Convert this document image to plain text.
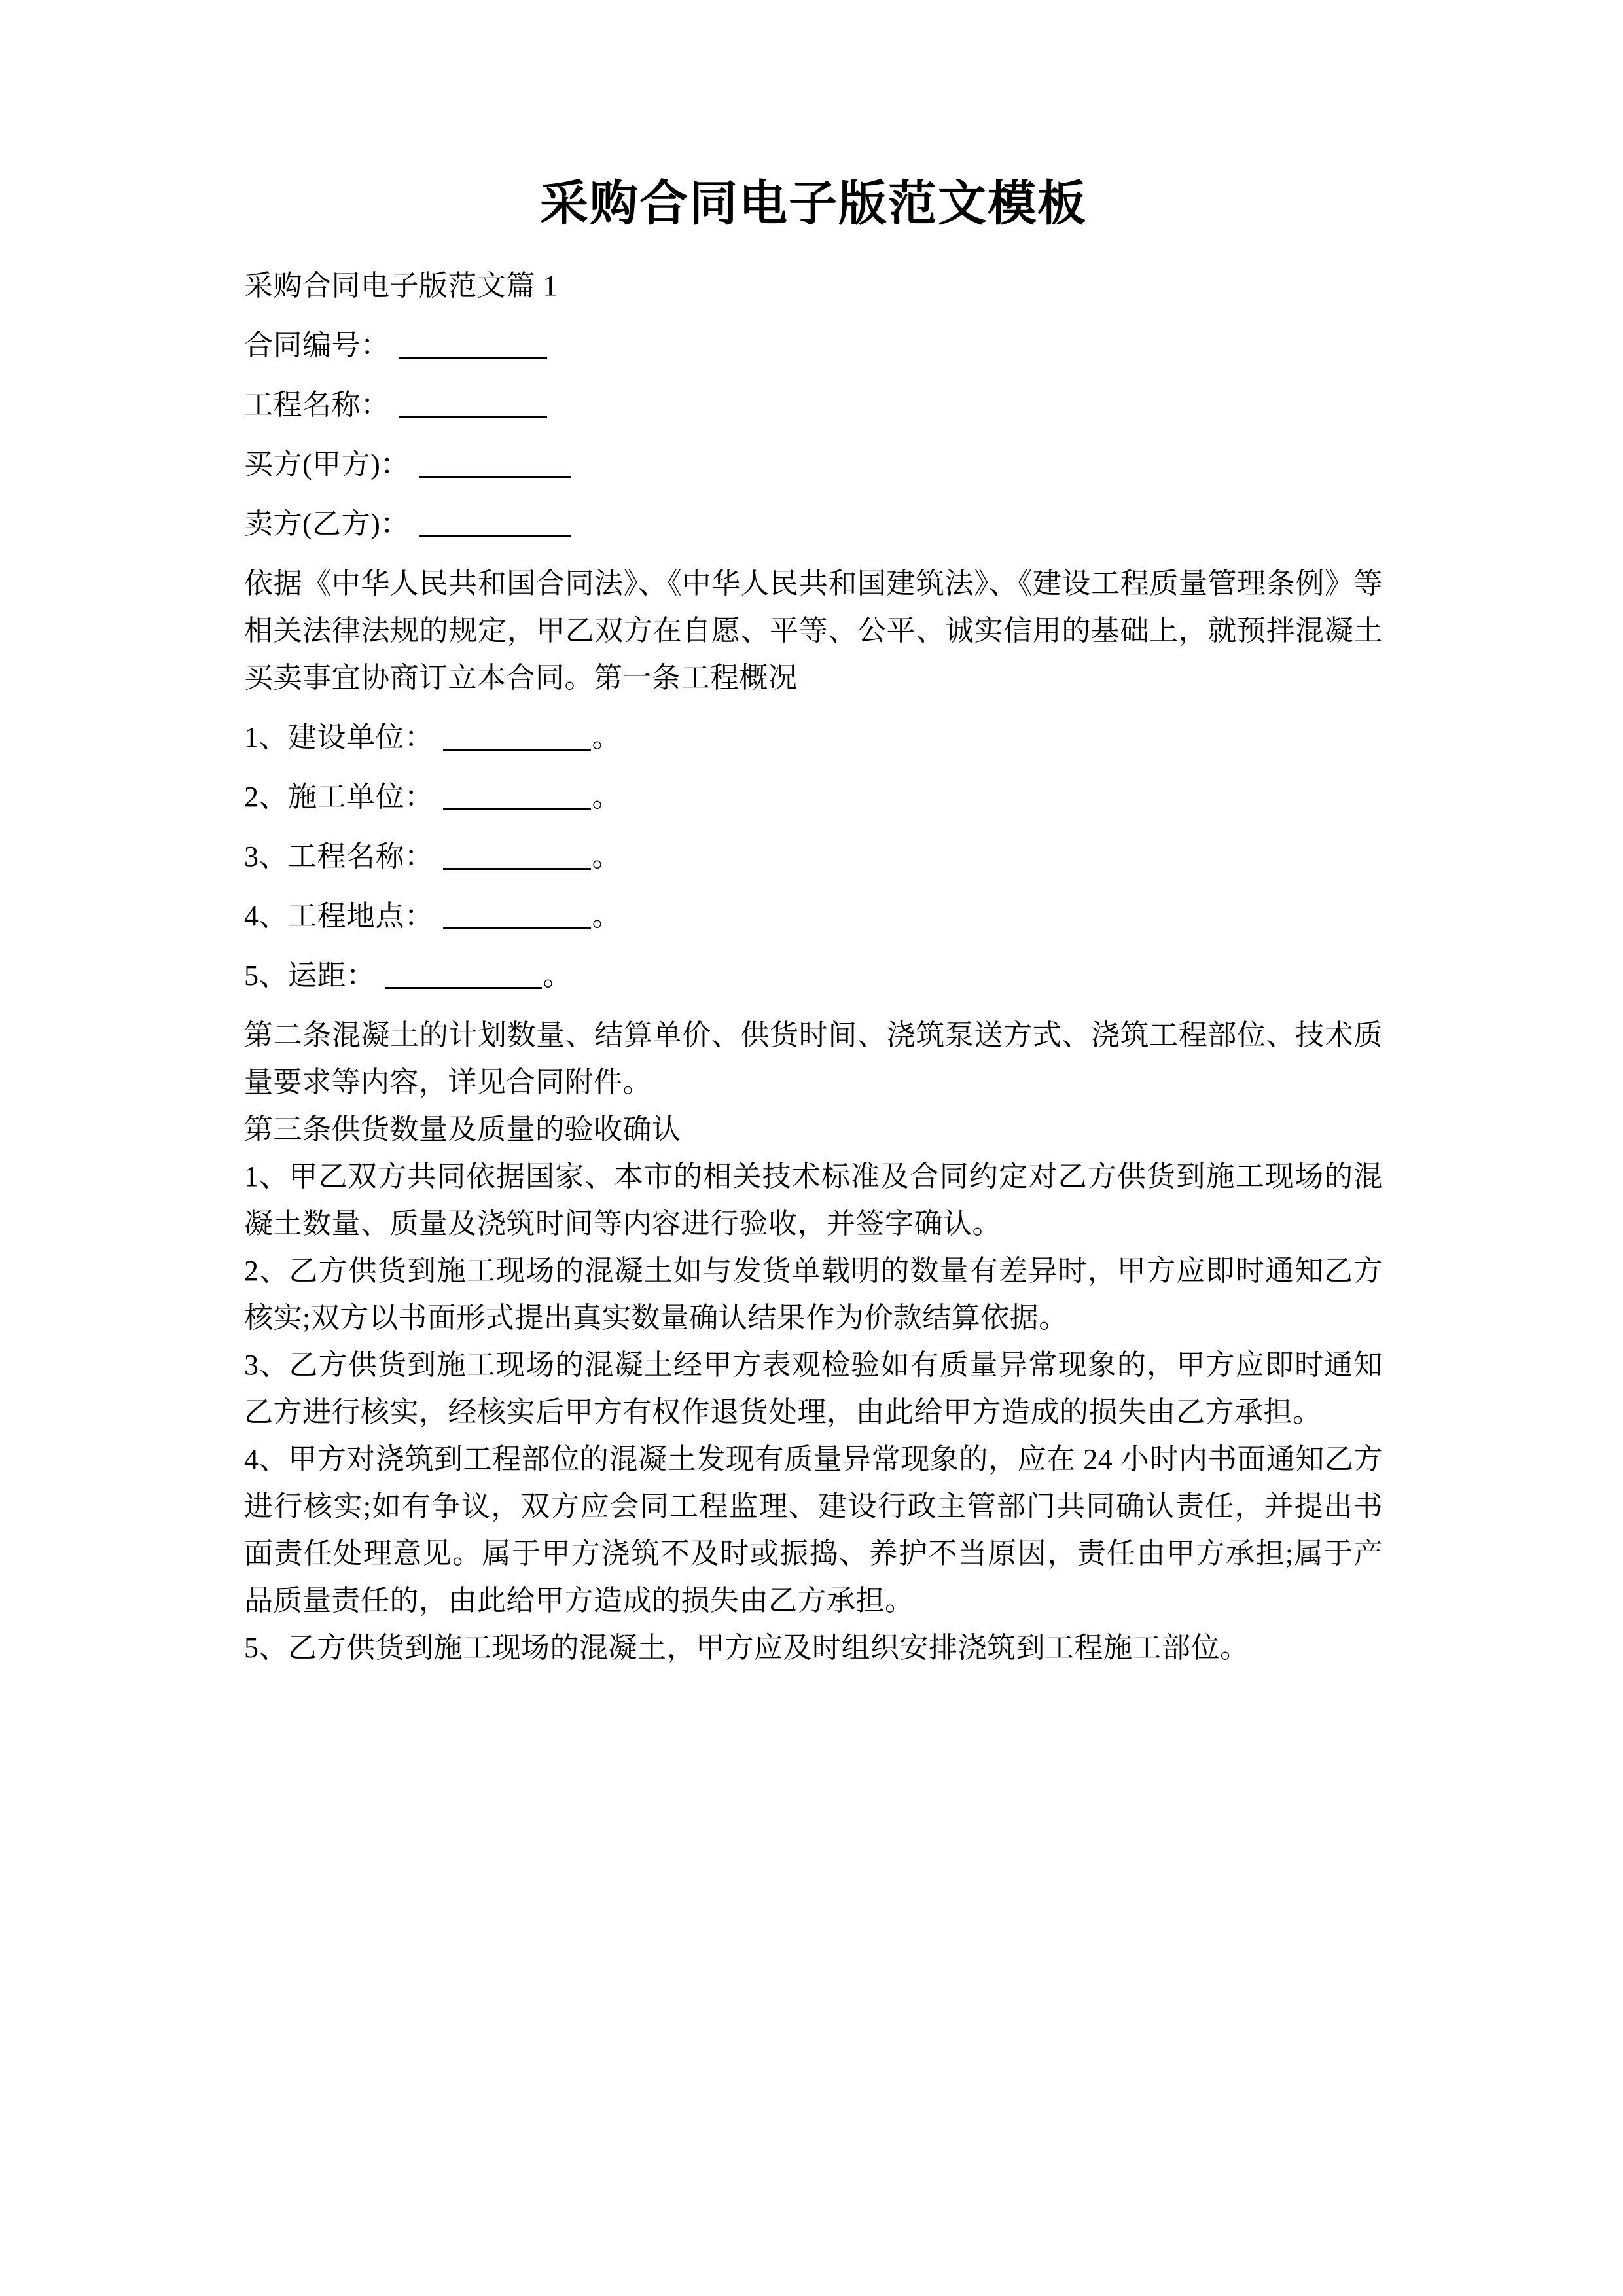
采购合同电子版范文模板

采购合同电子版范文篇 1

合同编号：
工程名称：
买方(甲方)：
卖方(乙方)：

依据《中华人民共和国合同法》、《中华人民共和国建筑法》、《建设工程质量管理条例》等相关法律法规的规定，甲乙双方在自愿、平等、公平、诚实信用的基础上，就预拌混凝土买卖事宜协商订立本合同。第一条工程概况

1、建设单位：	。
2、施工单位：	。
3、工程名称：	。
4、工程地点：	。
5、运距：	。

第二条混凝土的计划数量、结算单价、供货时间、浇筑泵送方式、浇筑工程部位、技术质量要求等内容，详见合同附件。

第三条供货数量及质量的验收确认

1、甲乙双方共同依据国家、本市的相关技术标准及合同约定对乙方供货到施工现场的混凝土数量、质量及浇筑时间等内容进行验收，并签字确认。

2、乙方供货到施工现场的混凝土如与发货单载明的数量有差异时，甲方应即时通知乙方核实;双方以书面形式提出真实数量确认结果作为价款结算依据。

3、乙方供货到施工现场的混凝土经甲方表观检验如有质量异常现象的，甲方应即时通知乙方进行核实，经核实后甲方有权作退货处理，由此给甲方造成的损失由乙方承担。

4、甲方对浇筑到工程部位的混凝土发现有质量异常现象的，应在 24 小时内书面通知乙方进行核实;如有争议，双方应会同工程监理、建设行政主管部门共同确认责任，并提出书面责任处理意见。属于甲方浇筑不及时或振捣、养护不当原因，责任由甲方承担;属于产品质量责任的，由此给甲方造成的损失由乙方承担。

5、乙方供货到施工现场的混凝土，甲方应及时组织安排浇筑到工程施工部位。
